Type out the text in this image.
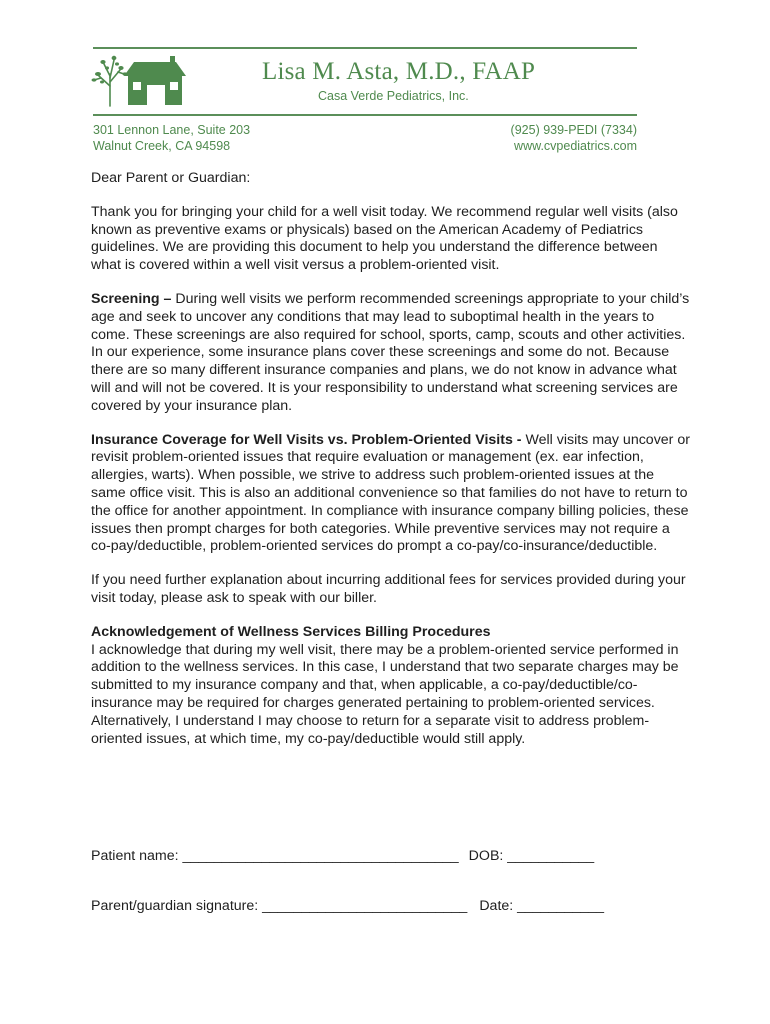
Lisa M. Asta, M.D., FAAP
Casa Verde Pediatrics, Inc.
301 Lennon Lane, Suite 203
Walnut Creek, CA 94598
(925) 939-PEDI (7334)
www.cvpediatrics.com

Dear Parent or Guardian:

Thank you for bringing your child for a well visit today. We recommend regular well visits (also known as preventive exams or physicals) based on the American Academy of Pediatrics guidelines. We are providing this document to help you understand the difference between what is covered within a well visit versus a problem-oriented visit.

Screening – During well visits we perform recommended screenings appropriate to your child’s age and seek to uncover any conditions that may lead to suboptimal health in the years to come. These screenings are also required for school, sports, camp, scouts and other activities. In our experience, some insurance plans cover these screenings and some do not. Because there are so many different insurance companies and plans, we do not know in advance what will and will not be covered. It is your responsibility to understand what screening services are covered by your insurance plan.

Insurance Coverage for Well Visits vs. Problem-Oriented Visits - Well visits may uncover or revisit problem-oriented issues that require evaluation or management (ex. ear infection, allergies, warts). When possible, we strive to address such problem-oriented issues at the same office visit. This is also an additional convenience so that families do not have to return to the office for another appointment. In compliance with insurance company billing policies, these issues then prompt charges for both categories. While preventive services may not require a co-pay/deductible, problem-oriented services do prompt a co-pay/co-insurance/deductible.

If you need further explanation about incurring additional fees for services provided during your visit today, please ask to speak with our biller.

Acknowledgement of Wellness Services Billing Procedures
I acknowledge that during my well visit, there may be a problem-oriented service performed in addition to the wellness services. In this case, I understand that two separate charges may be submitted to my insurance company and that, when applicable, a co-pay/deductible/co-insurance may be required for charges generated pertaining to problem-oriented services. Alternatively, I understand I may choose to return for a separate visit to address problem-oriented issues, at which time, my co-pay/deductible would still apply.

Patient name: ___________________________________ DOB: ___________
Parent/guardian signature: __________________________ Date: ___________
